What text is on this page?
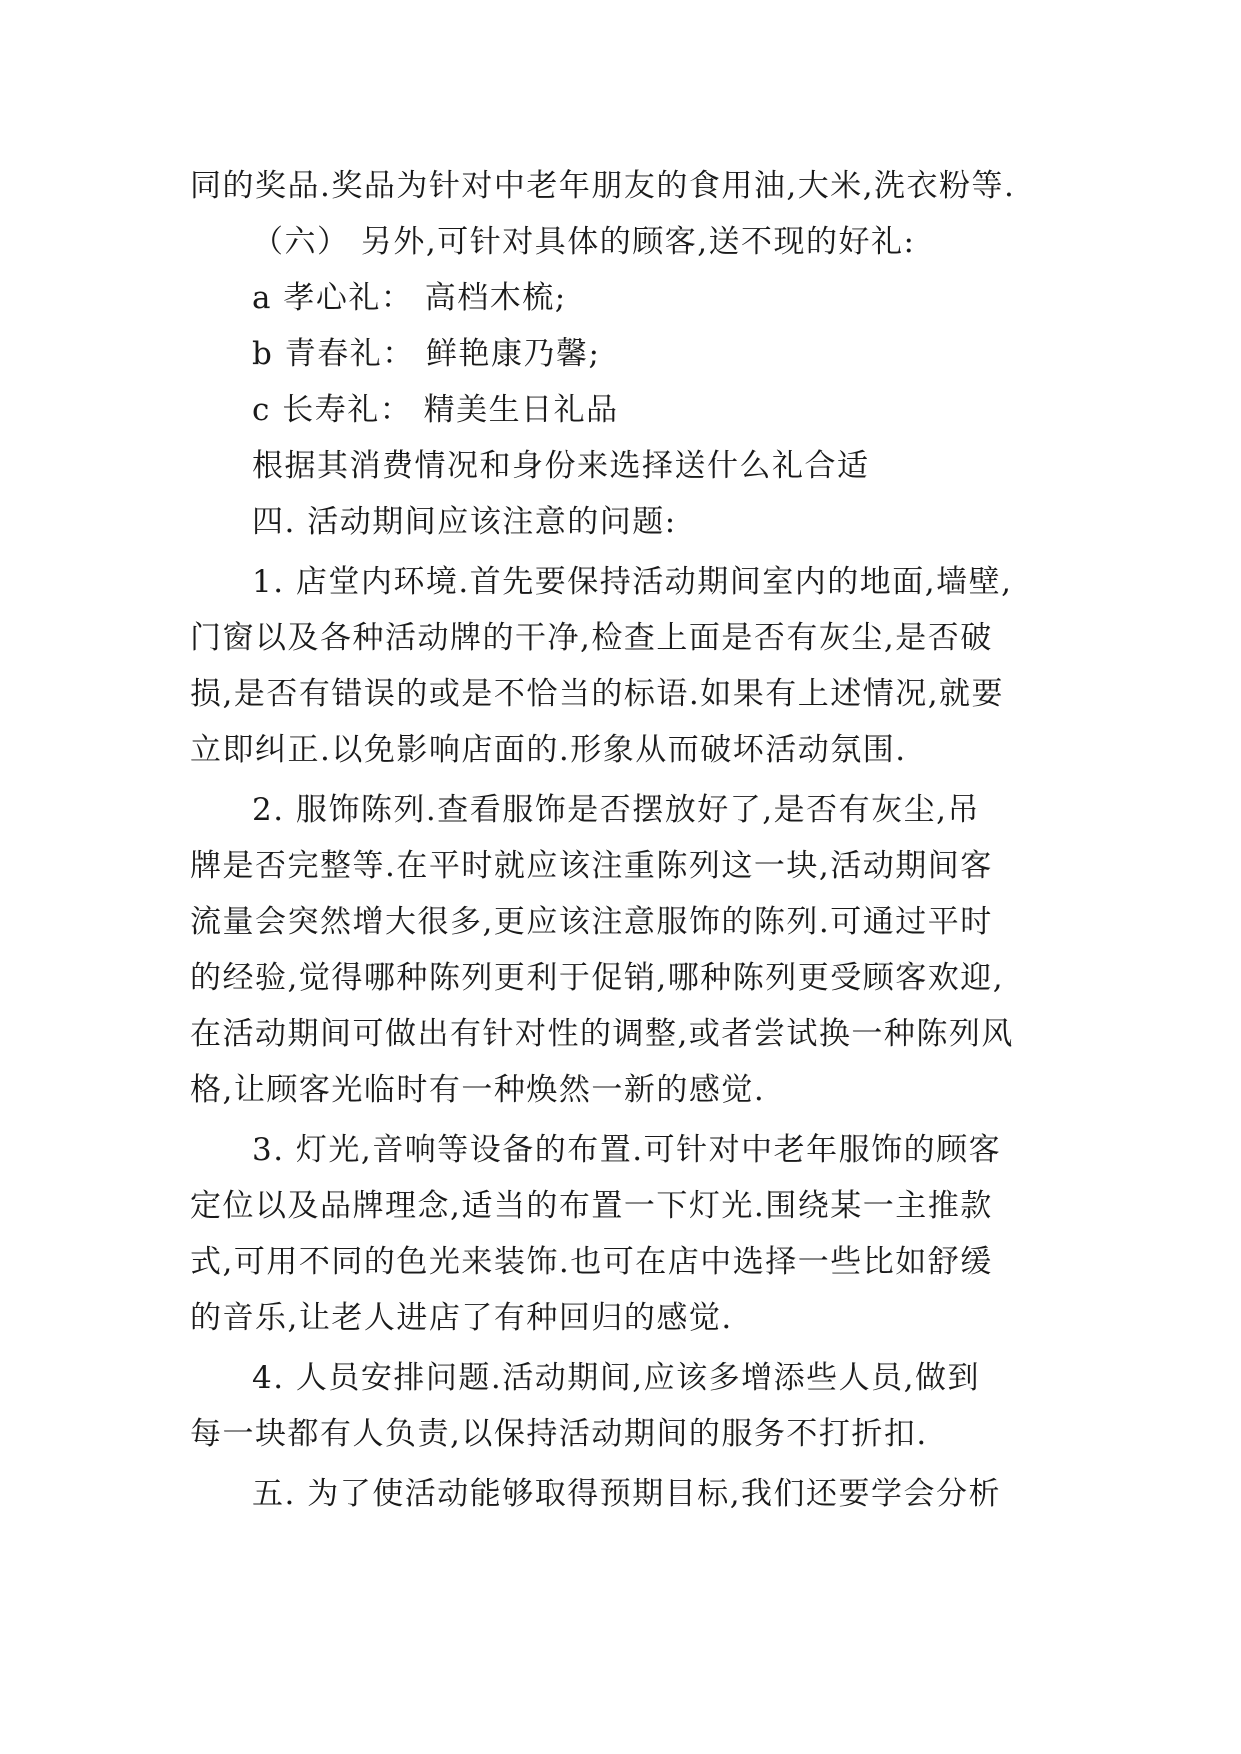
同的奖品.奖品为针对中老年朋友的食用油,大米,洗衣粉等.
（六） 另外,可针对具体的顾客,送不现的好礼:
a 孝心礼： 高档木梳;
b 青春礼： 鲜艳康乃馨;
c 长寿礼： 精美生日礼品
根据其消费情况和身份来选择送什么礼合适
四. 活动期间应该注意的问题:
1. 店堂内环境.首先要保持活动期间室内的地面,墙壁,
门窗以及各种活动牌的干净,检查上面是否有灰尘,是否破
损,是否有错误的或是不恰当的标语.如果有上述情况,就要
立即纠正.以免影响店面的.形象从而破坏活动氛围.
2. 服饰陈列.查看服饰是否摆放好了,是否有灰尘,吊
牌是否完整等.在平时就应该注重陈列这一块,活动期间客
流量会突然增大很多,更应该注意服饰的陈列.可通过平时
的经验,觉得哪种陈列更利于促销,哪种陈列更受顾客欢迎,
在活动期间可做出有针对性的调整,或者尝试换一种陈列风
格,让顾客光临时有一种焕然一新的感觉.
3. 灯光,音响等设备的布置.可针对中老年服饰的顾客
定位以及品牌理念,适当的布置一下灯光.围绕某一主推款
式,可用不同的色光来装饰.也可在店中选择一些比如舒缓
的音乐,让老人进店了有种回归的感觉.
4. 人员安排问题.活动期间,应该多增添些人员,做到
每一块都有人负责,以保持活动期间的服务不打折扣.
五. 为了使活动能够取得预期目标,我们还要学会分析
